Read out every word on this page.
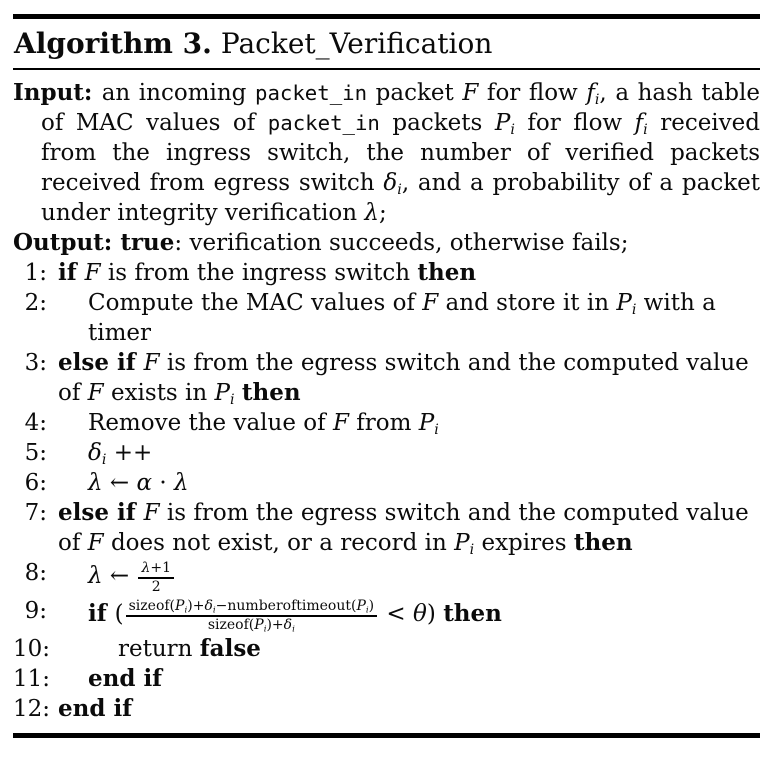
Algorithm 3. Packet_Verification

Input: an incoming packet_in packet F for flow $f_i$, a hash table of MAC values of packet_in packets $P_i$ for flow $f_i$ received from the ingress switch, the number of verified packets received from egress switch $\delta_i$, and a probability of a packet under integrity verification λ;

Output: true: verification succeeds, otherwise fails;

1: if F is from the ingress switch then
2:	Compute the MAC values of F and store it in $P_i$ with a timer
3: else if F is from the egress switch and the computed value of F exists in $P_i$ then
4:	Remove the value of F from $P_i$
5:	$\delta_i$ ++
6:	λ ← α · λ
7: else if F is from the egress switch and the computed value of F does not exist, or a record in $P_i$ expires then
8:	λ ← $\frac{\lambda+1}{2}$
9:	if ( $\frac{sizeof(P_i)+\delta_i-numberoftimeout(P_i)}{sizeof(P_i)+\delta_i} < \theta$) then
10:	return false
11:	end if
12: end if
